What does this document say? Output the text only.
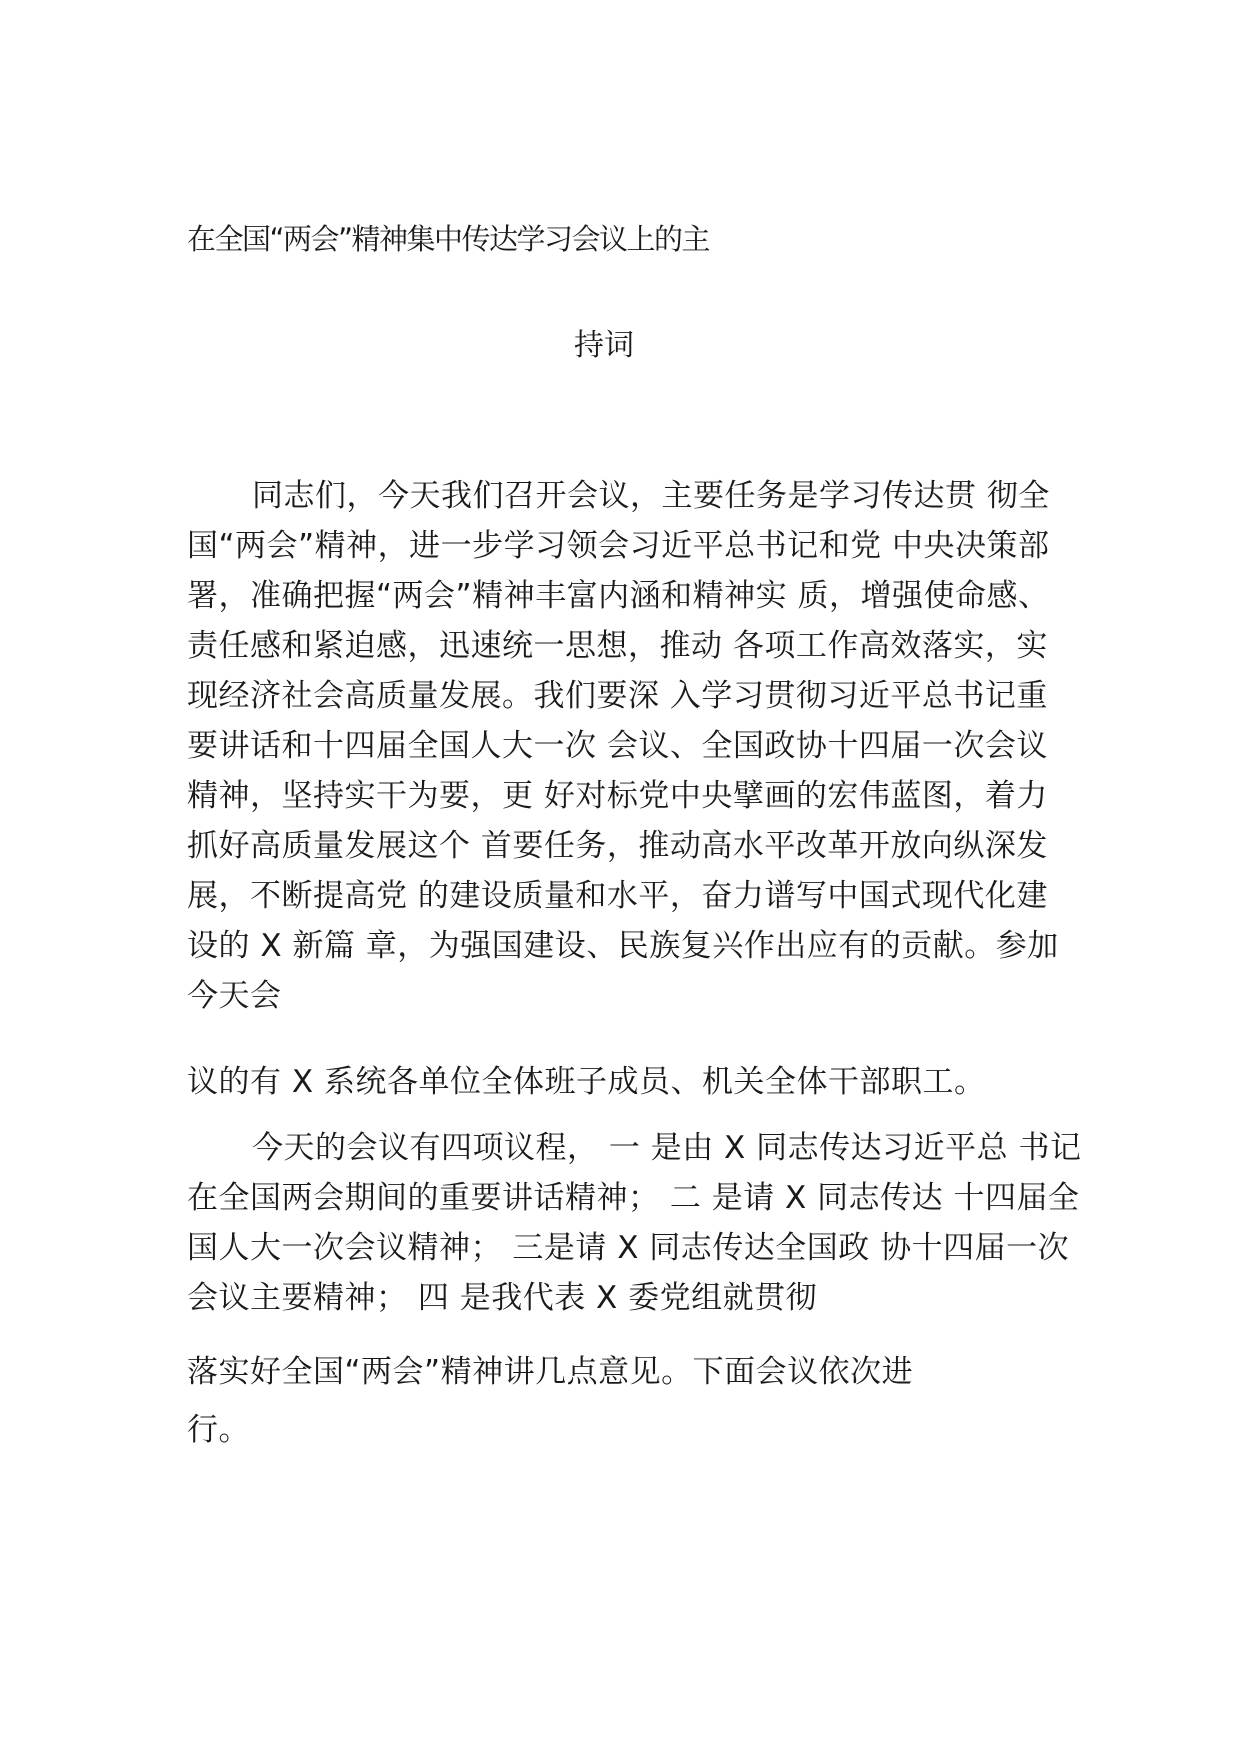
在全国“两会”精神集中传达学习会议上的主
持词
同志们，今天我们召开会议，主要任务是学习传达贯 彻全
国“两会”精神，进一步学习领会习近平总书记和党 中央决策部
署，准确把握“两会”精神丰富内涵和精神实 质，增强使命感、
责任感和紧迫感，迅速统一思想，推动 各项工作高效落实，实
现经济社会高质量发展。我们要深 入学习贯彻习近平总书记重
要讲话和十四届全国人大一次 会议、全国政协十四届一次会议
精神，坚持实干为要，更 好对标党中央擘画的宏伟蓝图，着力
抓好高质量发展这个 首要任务，推动高水平改革开放向纵深发
展，不断提高党 的建设质量和水平，奋力谱写中国式现代化建
设的 X 新篇 章，为强国建设、民族复兴作出应有的贡献。参加
今天会
议的有 X 系统各单位全体班子成员、机关全体干部职工。
今天的会议有四项议程， 一 是由 X 同志传达习近平总 书记
在全国两会期间的重要讲话精神； 二 是请 X 同志传达 十四届全
国人大一次会议精神； 三是请 X 同志传达全国政 协十四届一次
会议主要精神； 四 是我代表 X 委党组就贯彻
落实好全国“两会”精神讲几点意见。下面会议依次进
行。
